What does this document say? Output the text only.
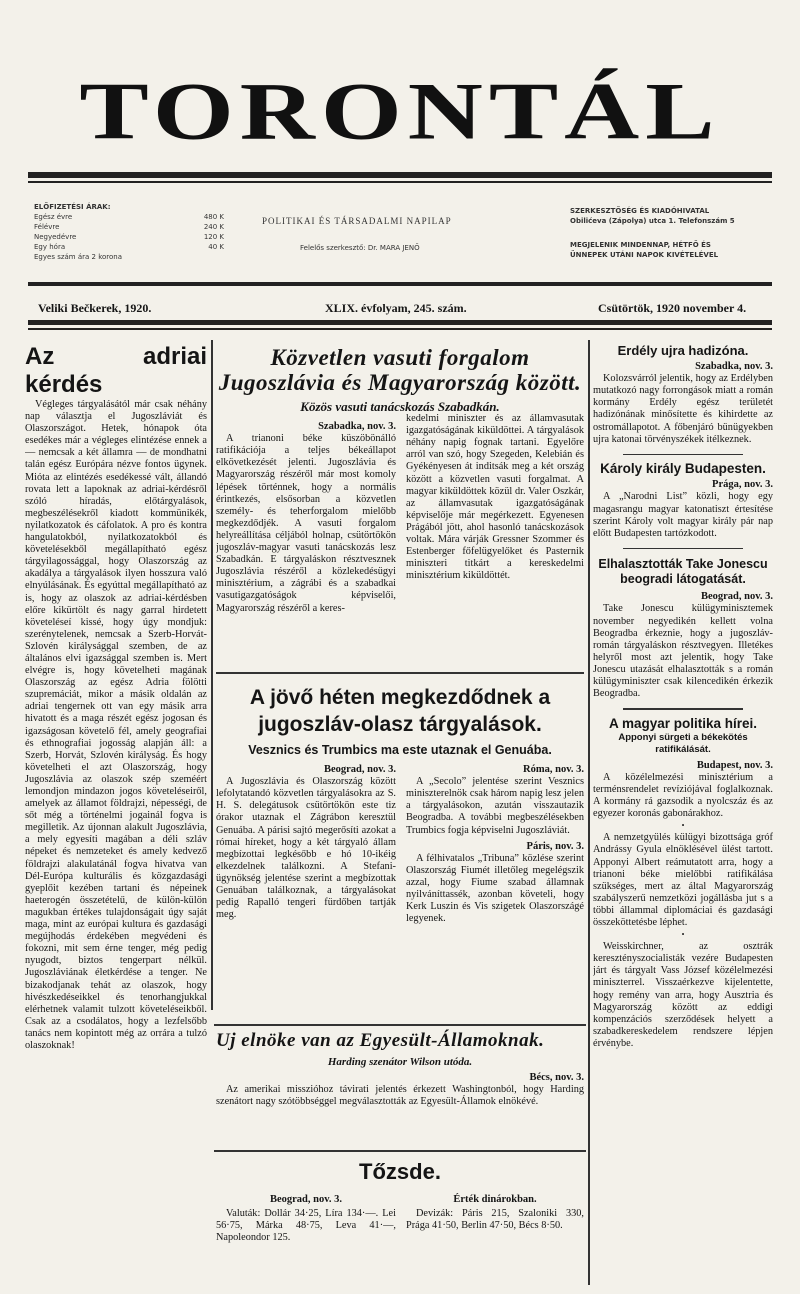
TORONTÁL
ELŐFIZETÉSI ÁRAK:
Egész évre	480 K
Félévre	240 K
Negyedévre	120 K
Egy hóra	40 K
Egyes szám ára 2 korona
POLITIKAI ÉS TÁRSADALMI NAPILAP
Felelős szerkesztő: Dr. MARA JENŐ
SZERKESZTŐSÉG ÉS KIADÓHIVATAL
Obilićeva (Zápolya) utca 1. Telefonszám 5
MEGJELENIK MINDENNAP, HÉTFŐ ÉS
ÜNNEPEK UTÁNI NAPOK KIVÉTELÉVEL
Veliki Bečkerek, 1920.	XLIX. évfolyam, 245. szám.	Csütörtök, 1920 november 4.
Az adriai kérdés

Végleges tárgyalásától már csak néhány nap választja el Jugoszláviát és Olaszországot. Hetek, hónapok óta esedékes már a végleges elintézése ennek a — nemcsak a két államra — de mondhatni talán egész Európára nézve fontos ügynek. Mióta az elintézés esedékessé vált, állandó rovata lett a lapoknak az adriai-kérdésről szóló híradás, előtárgyalások, megbeszélésekről kiadott kommünikék, nyilatkozatok és cáfolatok. A pro és kontra hangulatokból, nyilatkozatokból és követelésekből megállapítható egész tárgyilagossággal, hogy Olaszország az akadálya a tárgyalások ilyen hosszura való elnyúlásának. És egyúttal megállapítható az is, hogy az olaszok az adriai-kérdésben előre kikürtölt és nagy garral hirdetett követeléseí kissé, hogy úgy mondjuk: szerénytelenek, nemcsak a Szerb-Horvát-Szlovén királysággal szemben, de az általános elvi igazsággal szemben is. Mert elvégre is, hogy követelheti magának Olaszország az egész Adria fölötti szupremáciát, mikor a másik oldalán az adriai tengernek ott van egy másik arra hivatott és a maga részét egész jogosan és igazságosan követelő fél, amely geografiai és ethnografiai jogosság alapján áll: a Szerb, Horvát, Szlovén királyság. És hogy követelheti el azt Olaszország, hogy Jugoszlávia az olaszok szép szeméért lemondjon mindazon jogos követeléseiről, amelyek az államot földrajzi, népességi, de sőt még a történelmi jogainál fogva is megilletik. Az újonnan alakult Jugoszlávia, a mely egyesíti magában a déli szláv népeket és nemzeteket és amely kedvező földrajzi alakulatánál fogva hivatva van Dél-Európa kulturális és közgazdasági gyeplőit kezében tartani és népeinek haeterogén összetételű, de külön-külön magukban értékes tulajdonságait úgy saját maga, mint az európai kultura és gazdasági megújhodás érdekében megvédeni és fokozni, mit sem érne tenger, még pedig nyugodt, biztos tengerpart nélkül. Jugoszláviának életkérdése a tenger. Ne bizakodjanak tehát az olaszok, hogy hivészkedéseikkel és tenorhangjukkal elérhetnek valamit tulzott követeléseikből. Csak az a csodálatos, hogy a lezfelsőbb tanács nem kopintott még az orrára a tulzó olaszoknak!

Közvetlen vasuti forgalom Jugoszlávia és Magyarország között.
Közös vasuti tanácskozás Szabadkán.
Szabadka, nov. 3.

A trianoni béke küszöbönálló ratifikációja a teljes békeállapot elkövetkezését jelenti. Jugoszlávia és Magyarország részéről már most komoly lépések történnek, hogy a normális érintkezés, elsősorban a közvetlen személy- és teherforgalom mielőbb megkezdődjék. A vasuti forgalom helyreállítása céljából holnap, csütörtökön jugoszláv-magyar vasuti tanácskozás lesz Szabadkán. E tárgyaláskon résztvesznek Jugoszlávia részéről a közlekedésügyi minisztérium, a zágrábi és a szabadkai vasutigazgatóságok képviselői, Magyarország részéről a keres-

kedelmi miniszter és az államvasutak igazgatóságának kiküldöttei. A tárgyalások néhány napig fognak tartani. Egyelőre arról van szó, hogy Szegeden, Kelebián és Gyékényesen át inditsák meg a két ország között a közvetlen vasuti forgalmat. A magyar kiküldöttek közül dr. Valer Oszkár, az államvasutak igazgatóságának képviselője már megérkezett. Egyenesen Prágából jött, ahol hasonló tanácskozások voltak. Mára várják Gressner Szommer és Estenberger főfelügyelőket és Pasternik miniszteri titkárt a kereskedelmi minisztérium kiküldöttét.

A jövő héten megkezdődnek a jugoszláv-olasz tárgyalások.
Vesznics és Trumbics ma este utaznak el Genuába.
Beograd, nov. 3.

A Jugoszlávia és Olaszország között lefolytatandó közvetlen tárgyalásokra az S. H. S. delegátusok csütörtökön este tiz órakor utaznak el Zágrábon keresztül Genuába. A párisi sajtó megerősíti azokat a római híreket, hogy a két tárgyaló állam megbízottai legkésőbb e hó 10-ikéig elkezdelnek találkozni. A Stefani-ügynökség jelentése szerint a megbízottak Genuában találkoznak, a tárgyalásokat pedig Rapalló tengeri fürdőben tartják meg.

Róma, nov. 3.

A „Secolo” jelentése szerint Vesznics miniszterelnök csak három napig lesz jelen a tárgyalásokon, azután visszautazik Beogradba. A további megbeszélésekben Trumbics fogja képviselni Jugoszláviát.

Páris, nov. 3.

A félhivatalos „Tribuna” közlése szerint Olaszország Fiumét illetőleg megelégszik azzal, hogy Fiume szabad államnak nyilváníttassék, azonban követeli, hogy Kerk Luszin és Vis szigetek Olaszországé legyenek.

Uj elnöke van az Egyesült-Államoknak.
Harding szenátor Wilson utóda.
Bécs, nov. 3.

Az amerikai misszióhoz távirati jelentés érkezett Washingtonból, hogy Harding szenátort nagy szótöbbséggel megválasztották az Egyesült-Államok elnökévé.

Tőzsde.
Beograd, nov. 3.

Valuták: Dollár 34·25, Líra 134·—. Lei 56·75, Márka 48·75, Leva 41·—, Napoleondor 125.

Érték dinárokban.

Devizák: Páris 215, Szaloniki 330, Prága 41·50, Berlin 47·50, Bécs 8·50.

Erdély ujra hadizóna.
Szabadka, nov. 3.

Kolozsvárról jelentik, hogy az Erdélyben mutatkozó nagy forrongások miatt a román kormány Erdély egész területét hadizónának minősítette és kihirdette az ostromállapotot. A főbenjáró bünügyekben ujra katonai törvényszékek itélkeznek.

Károly király Budapesten.
Prága, nov. 3.

A „Narodni List” közli, hogy egy magasrangu magyar katonatiszt értesítése szerint Károly volt magyar király pár nap előtt Budapesten tartózkodott.

Elhalasztották Take Jonescu beogradi látogatását.
Beograd, nov. 3.

Take Jonescu külügyminisztemek november negyedikén kellett volna Beogradba érkeznie, hogy a jugoszláv-román tárgyaláskon résztvegyen. Illetékes helyről most azt jelentik, hogy Take Jonescu utazását elhalasztották s a román külügyminiszter csak kilencedikén érkezik Beogradba.

A magyar politika hírei.
Apponyi sürgeti a békekötés ratifikálását.
Budapest, nov. 3.

A közélelmezési minisztérium a terménsrendelet revíziójával foglalkoznak. A kormány rá gazsodik a nyolcszáz és az egyezer koronás gabonárakhoz.

•

A nemzetgyülés külügyi bizottsága gróf Andrássy Gyula elnöklésével ülést tartott. Apponyi Albert reámutatott arra, hogy a trianoni béke mielőbbi ratifikálása szükséges, mert az által Magyarország szabályszerű nemzetközi jogállásba jut s a többi állammal diplomáciai és gazdasági összeköttetésbe léphet.

•

Weisskirchner, az osztrák keresztényszocialisták vezére Budapesten járt és tárgyalt Vass József közélelmezési miniszterrel. Visszaérkezve kijelentette, hogy remény van arra, hogy Ausztria és Magyarország között az eddigi kompenzációs szerződések helyett a szabadkereskedelem rendszere lépjen érvénybe.
